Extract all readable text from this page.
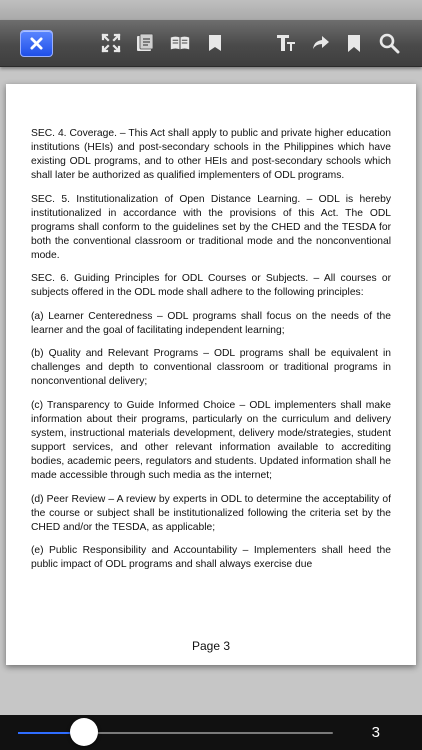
SEC. 4. Coverage. – This Act shall apply to public and private higher education institutions (HEIs) and post-secondary schools in the Philippines which have existing ODL programs, and to other HEIs and post-secondary schools which shall later be authorized as qualified implementers of ODL programs.

SEC. 5. Institutionalization of Open Distance Learning. – ODL is hereby institutionalized in accordance with the provisions of this Act. The ODL programs shall conform to the guidelines set by the CHED and the TESDA for both the conventional classroom or traditional mode and the nonconventional mode.

SEC. 6. Guiding Principles for ODL Courses or Subjects. – All courses or subjects offered in the ODL mode shall adhere to the following principles:

(a) Learner Centeredness – ODL programs shall focus on the needs of the learner and the goal of facilitating independent learning;

(b) Quality and Relevant Programs – ODL programs shall be equivalent in challenges and depth to conventional classroom or traditional programs in nonconventional delivery;

(c) Transparency to Guide Informed Choice – ODL implementers shall make information about their programs, particularly on the curriculum and delivery system, instructional materials development, delivery mode/strategies, student support services, and other relevant information available to accrediting bodies, academic peers, regulators and students. Updated information shall he made accessible through such media as the internet;

(d) Peer Review – A review by experts in ODL to determine the acceptability of the course or subject shall be institutionalized following the criteria set by the CHED and/or the TESDA, as applicable;

(e) Public Responsibility and Accountability – Implementers shall heed the public impact of ODL programs and shall always exercise due

Page 3
3
